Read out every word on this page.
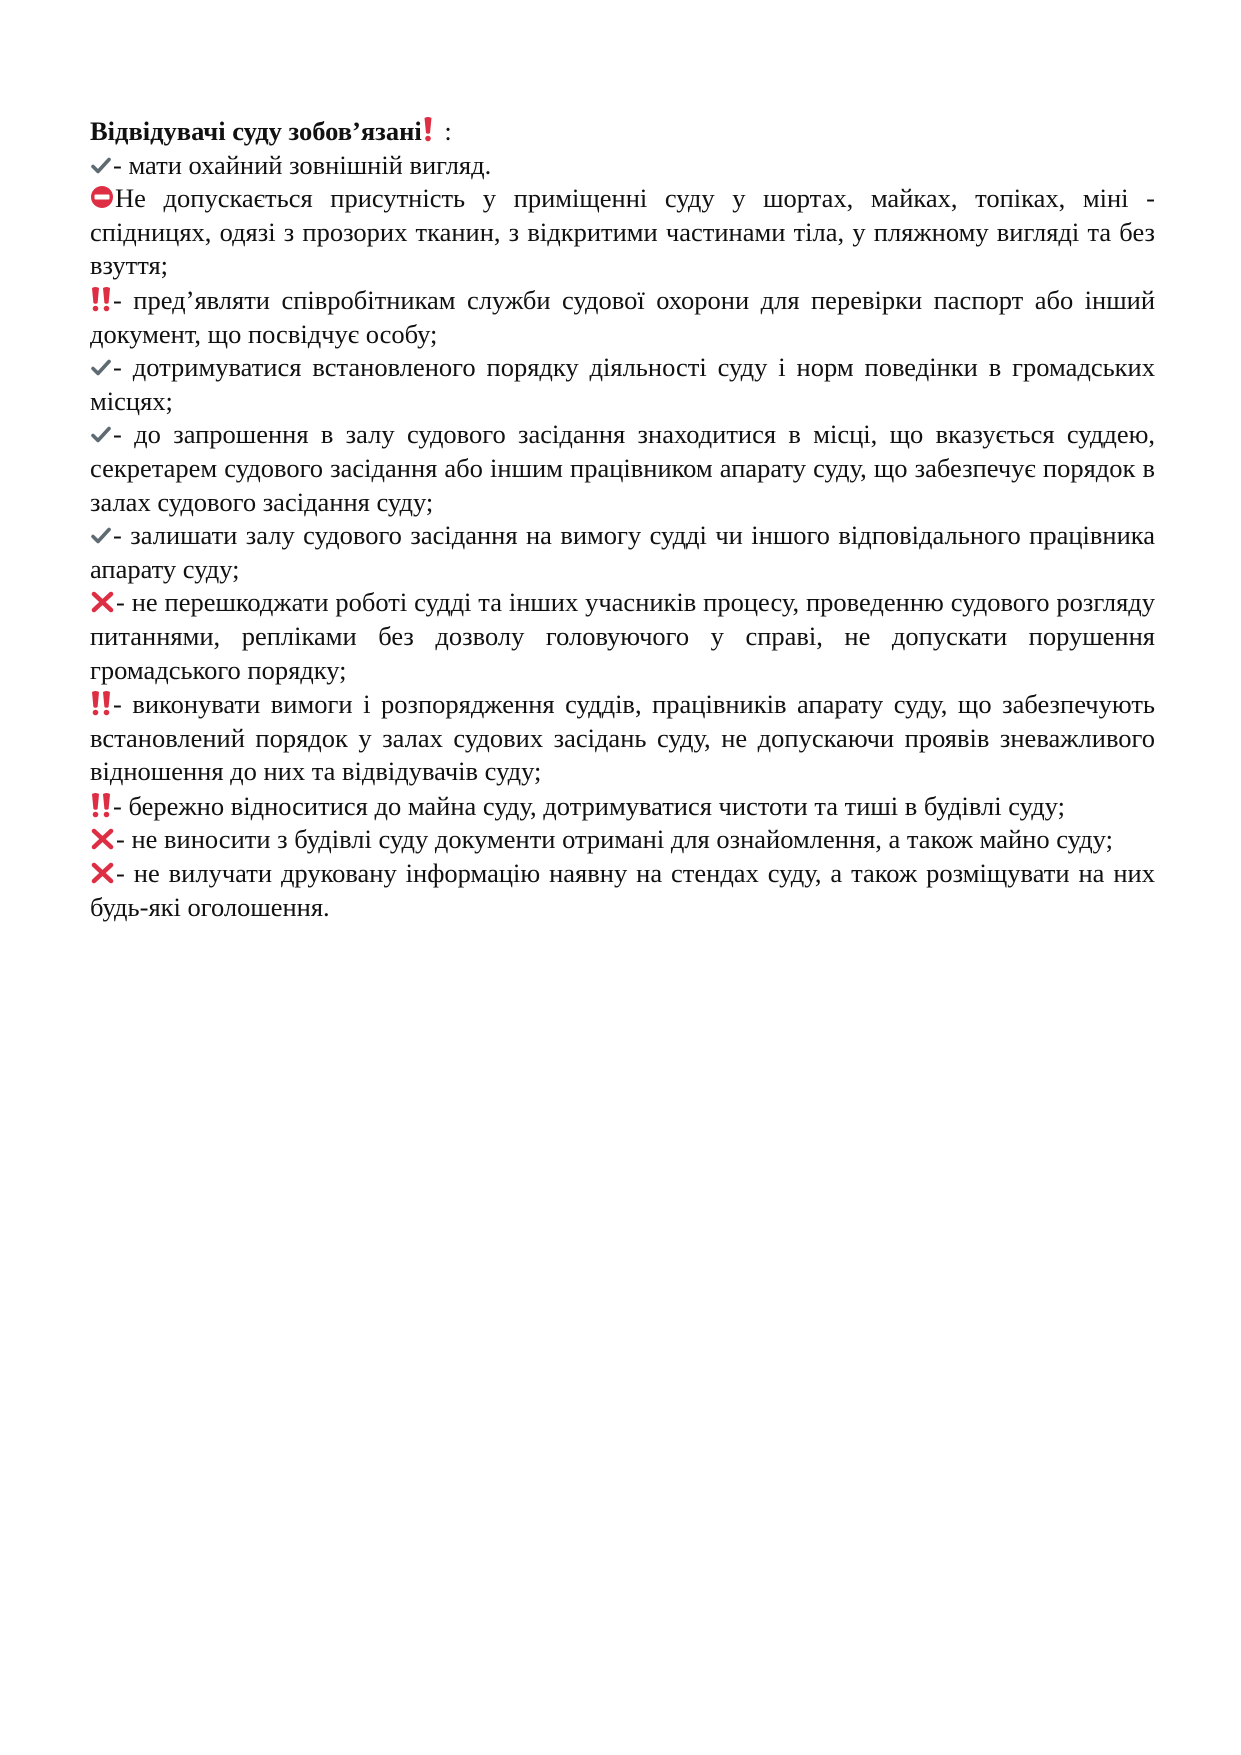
Відвідувачі суду зобов’язані
:

- мати охайний зовнішній вигляд.

Не допускається присутність у приміщенні суду у шортах, майках, топіках, міні - спідницях, одязі з прозорих тканин, з відкритими частинами тіла, у пляжному вигляді та без взуття;

- пред’являти співробітникам служби судової охорони для перевірки паспорт або інший документ, що посвідчує особу;

- дотримуватися встановленого порядку діяльності суду і норм поведінки в громадських місцях;

- до запрошення в залу судового засідання знаходитися в місці, що вказується суддею, секретарем судового засідання або іншим працівником апарату суду, що забезпечує порядок в залах судового засідання суду;

- залишати залу судового засідання на вимогу судді чи іншого відповідального працівника апарату суду;

- не перешкоджати роботі судді та інших учасників процесу, проведенню судового розгляду питаннями, репліками без дозволу головуючого у справі, не допускати порушення громадського порядку;

- виконувати вимоги і розпорядження суддів, працівників апарату суду, що забезпечують встановлений порядок у залах судових засідань суду, не допускаючи проявів зневажливого відношення до них та відвідувачів суду;

- бережно відноситися до майна суду, дотримуватися чистоти та тиші в будівлі суду;

- не виносити з будівлі суду документи отримані для ознайомлення, а також майно суду;

- не вилучати друковану інформацію наявну на стендах суду, а також розміщувати на них будь-які оголошення.
